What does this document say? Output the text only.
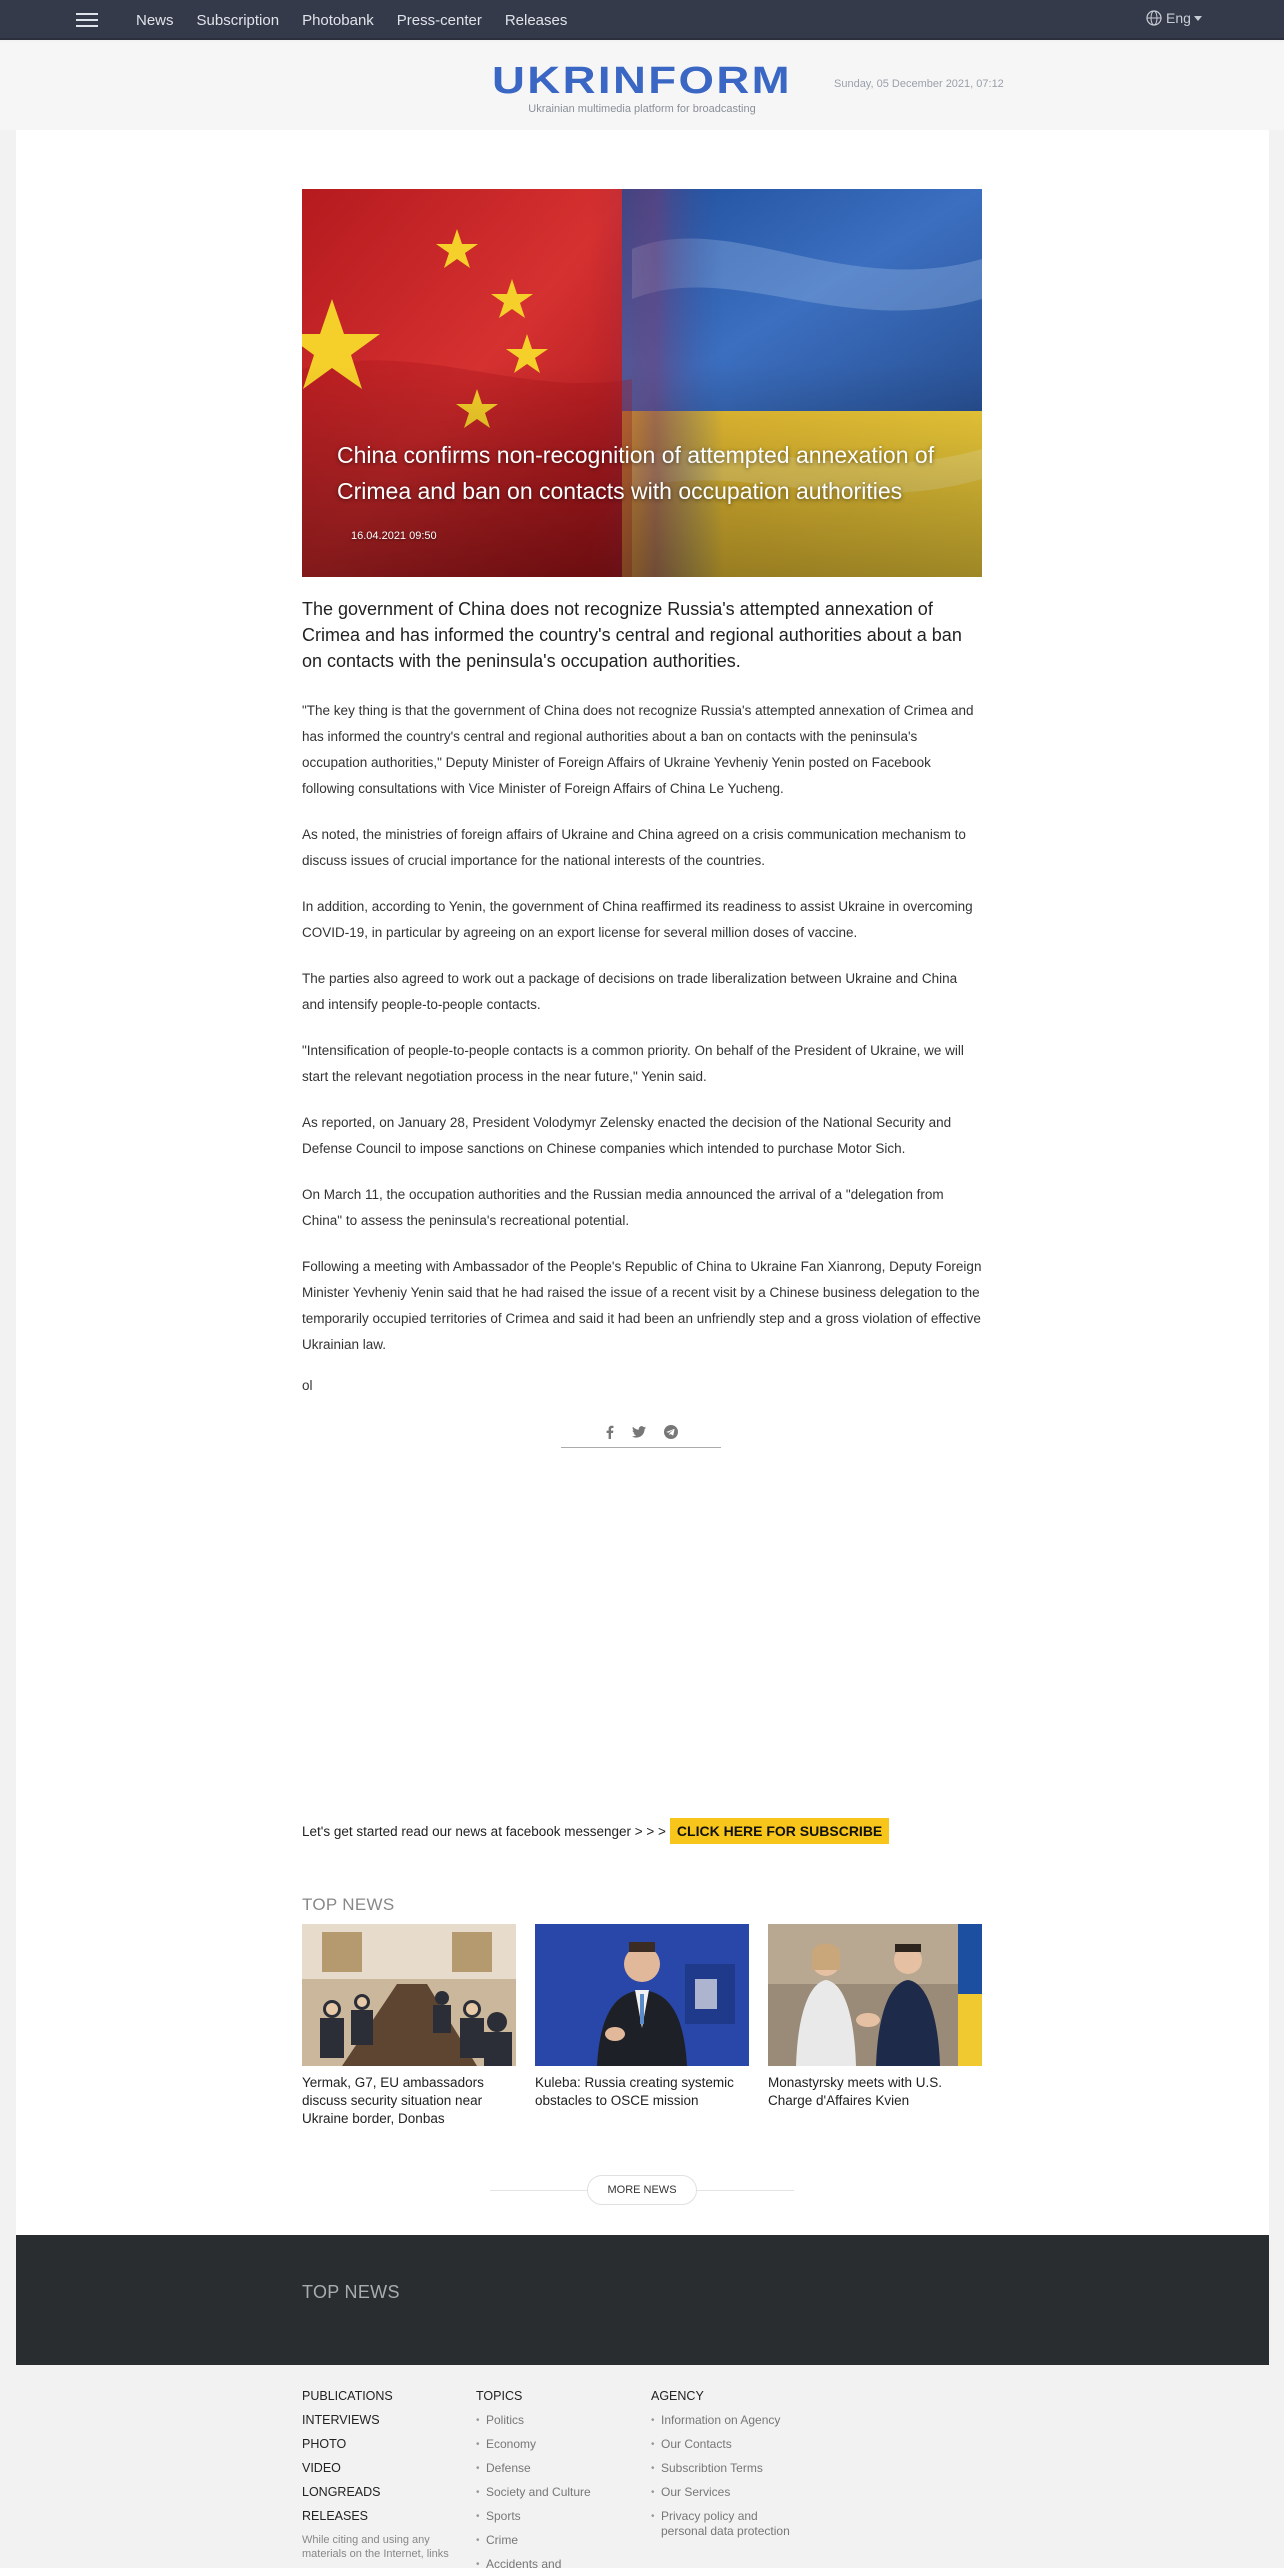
News Subscription Photobank Press-center Releases	Eng
UKRINFORM
Ukrainian multimedia platform for broadcasting
Sunday, 05 December 2021, 07:12
China confirms non-recognition of attempted annexation of Crimea and ban on contacts with occupation authorities
16.04.2021 09:50

The government of China does not recognize Russia's attempted annexation of Crimea and has informed the country's central and regional authorities about a ban on contacts with the peninsula's occupation authorities.

"The key thing is that the government of China does not recognize Russia's attempted annexation of Crimea and has informed the country's central and regional authorities about a ban on contacts with the peninsula's occupation authorities," Deputy Minister of Foreign Affairs of Ukraine Yevheniy Yenin posted on Facebook following consultations with Vice Minister of Foreign Affairs of China Le Yucheng.

As noted, the ministries of foreign affairs of Ukraine and China agreed on a crisis communication mechanism to discuss issues of crucial importance for the national interests of the countries.

In addition, according to Yenin, the government of China reaffirmed its readiness to assist Ukraine in overcoming COVID-19, in particular by agreeing on an export license for several million doses of vaccine.

The parties also agreed to work out a package of decisions on trade liberalization between Ukraine and China and intensify people-to-people contacts.

"Intensification of people-to-people contacts is a common priority. On behalf of the President of Ukraine, we will start the relevant negotiation process in the near future," Yenin said.

As reported, on January 28, President Volodymyr Zelensky enacted the decision of the National Security and Defense Council to impose sanctions on Chinese companies which intended to purchase Motor Sich.

On March 11, the occupation authorities and the Russian media announced the arrival of a "delegation from China" to assess the peninsula's recreational potential.

Following a meeting with Ambassador of the People's Republic of China to Ukraine Fan Xianrong, Deputy Foreign Minister Yevheniy Yenin said that he had raised the issue of a recent visit by a Chinese business delegation to the temporarily occupied territories of Crimea and said it had been an unfriendly step and a gross violation of effective Ukrainian law.

ol

Let's get started read our news at facebook messenger > > > CLICK HERE FOR SUBSCRIBE
TOP NEWS
Yermak, G7, EU ambassadors discuss security situation near Ukraine border, Donbas
Kuleba: Russia creating systemic obstacles to OSCE mission
Monastyrsky meets with U.S. Charge d'Affaires Kvien
MORE NEWS
TOP NEWS
PUBLICATIONS
INTERVIEWS
PHOTO
VIDEO
LONGREADS
RELEASES
While citing and using any materials on the Internet, links
TOPICS
• Politics
• Economy
• Defense
• Society and Culture
• Sports
• Crime
• Accidents and
AGENCY
• Information on Agency
• Our Contacts
• Subscribtion Terms
• Our Services
• Privacy policy and personal data protection
